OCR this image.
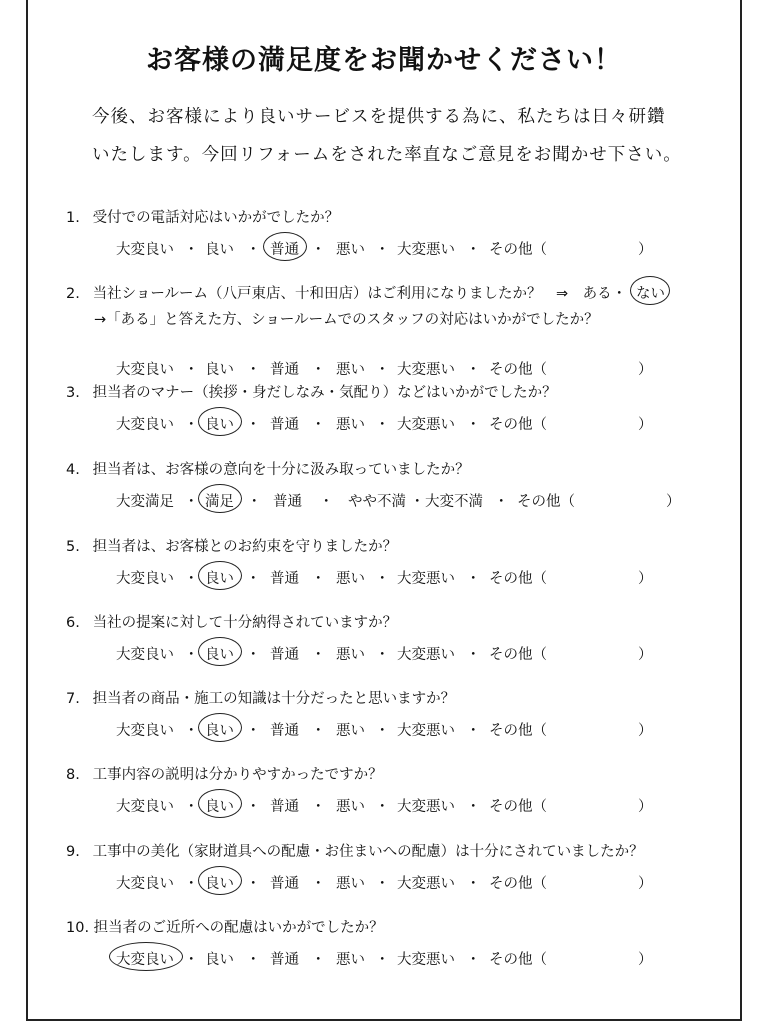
お客様の満足度をお聞かせください！
今後、お客様により良いサービスを提供する為に、私たちは日々研鑽
いたします。今回リフォームをされた率直なご意見をお聞かせ下さい。
1. 受付での電話対応はいかがでしたか？
大変良い ・ 良い ・ 普通 ・ 悪い ・ 大変悪い ・ その他（	）
2. 当社ショールーム（八戸東店、十和田店）はご利用になりましたか？　⇒　ある ・ ない
→「ある」と答えた方、ショールームでのスタッフの対応はいかがでしたか？
大変良い ・ 良い ・ 普通 ・ 悪い ・ 大変悪い ・ その他（	）
3. 担当者のマナー（挨拶・身だしなみ・気配り）などはいかがでしたか？
大変良い ・ 良い ・ 普通 ・ 悪い ・ 大変悪い ・ その他（	）
4. 担当者は、お客様の意向を十分に汲み取っていましたか？
大変満足 ・ 満足 ・ 普通 ・ やや不満 ・ 大変不満 ・ その他（	）
5. 担当者は、お客様とのお約束を守りましたか？
大変良い ・ 良い ・ 普通 ・ 悪い ・ 大変悪い ・ その他（	）
6. 当社の提案に対して十分納得されていますか？
大変良い ・ 良い ・ 普通 ・ 悪い ・ 大変悪い ・ その他（	）
7. 担当者の商品・施工の知識は十分だったと思いますか？
大変良い ・ 良い ・ 普通 ・ 悪い ・ 大変悪い ・ その他（	）
8. 工事内容の説明は分かりやすかったですか？
大変良い ・ 良い ・ 普通 ・ 悪い ・ 大変悪い ・ その他（	）
9. 工事中の美化（家財道具への配慮・お住まいへの配慮）は十分にされていましたか？
大変良い ・ 良い ・ 普通 ・ 悪い ・ 大変悪い ・ その他（	）
10. 担当者のご近所への配慮はいかがでしたか？
大変良い ・ 良い ・ 普通 ・ 悪い ・ 大変悪い ・ その他（	）
